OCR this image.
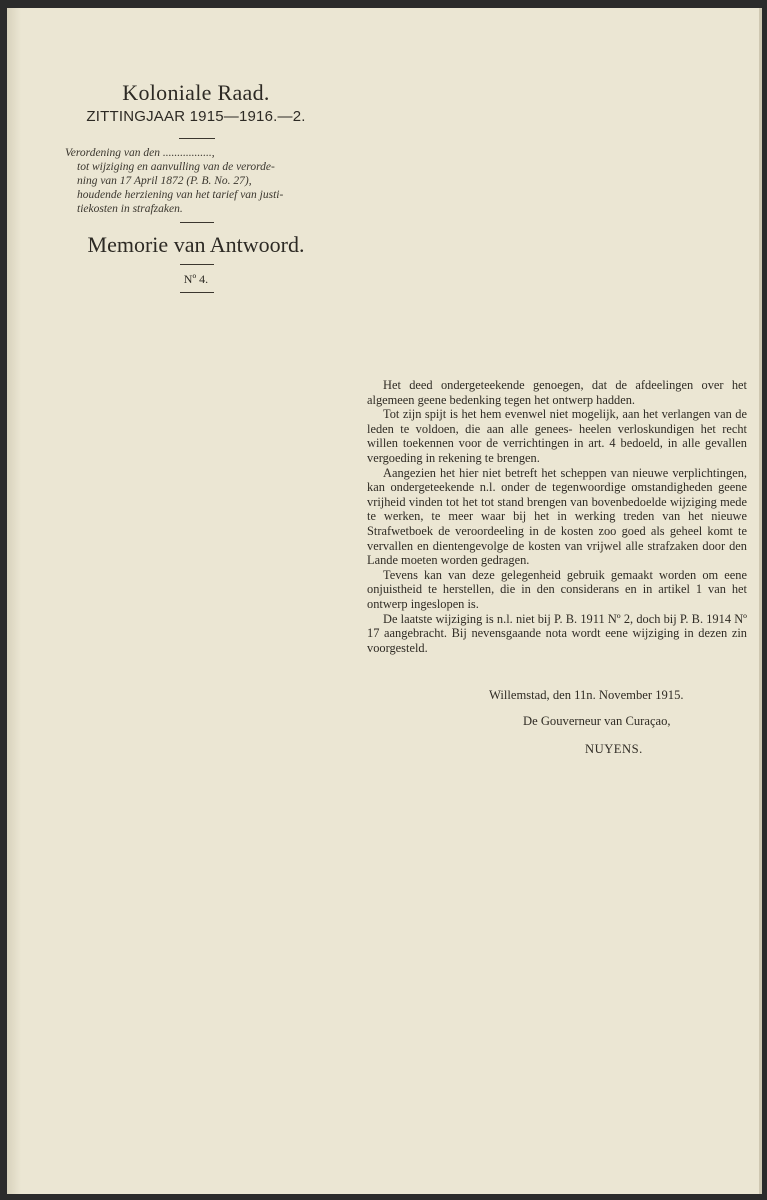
Koloniale Raad.
ZITTINGJAAR 1915—1916.—2.
Verordening van den .................,
tot wijziging en aanvulling van de verorde-
ning van 17 April 1872 (P. B. No. 27),
houdende herziening van het tarief van justi-
tiekosten in strafzaken.
Memorie van Antwoord.
Nº 4.

Het deed ondergeteekende genoegen, dat de afdeelingen over het algemeen geene bedenking tegen het ontwerp hadden.

Tot zijn spijt is het hem evenwel niet mogelijk, aan het verlangen van de leden te voldoen, die aan alle genees- heelen verloskundigen het recht willen toekennen voor de verrichtingen in art. 4 bedoeld, in alle gevallen vergoeding in rekening te brengen.

Aangezien het hier niet betreft het scheppen van nieuwe verplichtingen, kan ondergeteekende n.l. onder de tegenwoordige omstandigheden geene vrijheid vinden tot het tot stand brengen van bovenbedoelde wijziging mede te werken, te meer waar bij het in werking treden van het nieuwe Strafwetboek de veroordeeling in de kosten zoo goed als geheel komt te vervallen en dientengevolge de kosten van vrijwel alle strafzaken door den Lande moeten worden gedragen.

Tevens kan van deze gelegenheid gebruik gemaakt worden om eene onjuistheid te herstellen, die in den considerans en in artikel 1 van het ontwerp ingeslopen is.

De laatste wijziging is n.l. niet bij P. B. 1911 Nº 2, doch bij P. B. 1914 Nº 17 aangebracht. Bij nevensgaande nota wordt eene wijziging in dezen zin voorgesteld.

Willemstad, den 11n. November 1915.
De Gouverneur van Curaçao,
NUYENS.
